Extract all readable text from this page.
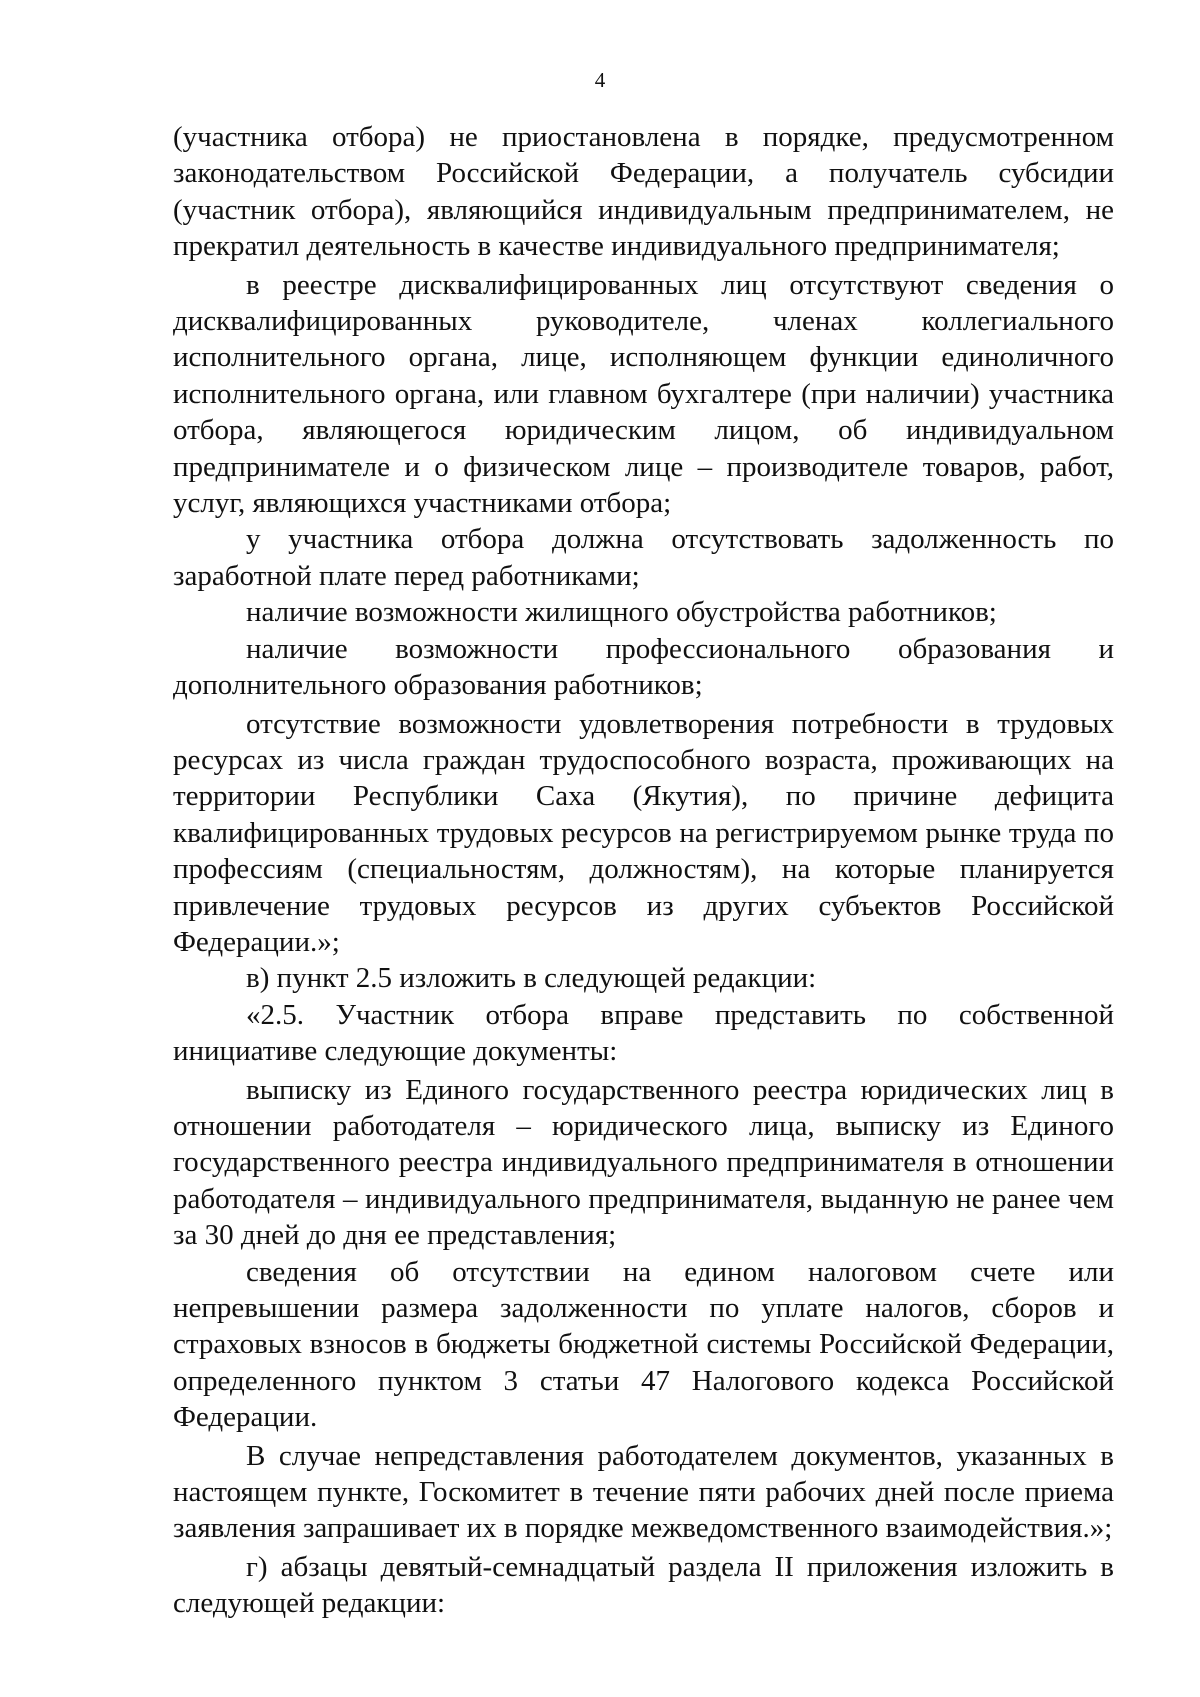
4

(участника отбора) не приостановлена в порядке, предусмотренном законодательством Российской Федерации, а получатель субсидии (участник отбора), являющийся индивидуальным предпринимателем, не прекратил деятельность в качестве индивидуального предпринимателя;

в реестре дисквалифицированных лиц отсутствуют сведения о дисквалифицированных руководителе, членах коллегиального исполнительного органа, лице, исполняющем функции единоличного исполнительного органа, или главном бухгалтере (при наличии) участника отбора, являющегося юридическим лицом, об индивидуальном предпринимателе и о физическом лице – производителе товаров, работ, услуг, являющихся участниками отбора;

у участника отбора должна отсутствовать задолженность по заработной плате перед работниками;

наличие возможности жилищного обустройства работников;

наличие возможности профессионального образования и дополнительного образования работников;

отсутствие возможности удовлетворения потребности в трудовых ресурсах из числа граждан трудоспособного возраста, проживающих на территории Республики Саха (Якутия), по причине дефицита квалифицированных трудовых ресурсов на регистрируемом рынке труда по профессиям (специальностям, должностям), на которые планируется привлечение трудовых ресурсов из других субъектов Российской Федерации.»;

в) пункт 2.5 изложить в следующей редакции:

«2.5. Участник отбора вправе представить по собственной инициативе следующие документы:

выписку из Единого государственного реестра юридических лиц в отношении работодателя – юридического лица, выписку из Единого государственного реестра индивидуального предпринимателя в отношении работодателя – индивидуального предпринимателя, выданную не ранее чем за 30 дней до дня ее представления;

сведения об отсутствии на едином налоговом счете или непревышении размера задолженности по уплате налогов, сборов и страховых взносов в бюджеты бюджетной системы Российской Федерации, определенного пунктом 3 статьи 47 Налогового кодекса Российской Федерации.

В случае непредставления работодателем документов, указанных в настоящем пункте, Госкомитет в течение пяти рабочих дней после приема заявления запрашивает их в порядке межведомственного взаимодействия.»;

г) абзацы девятый-семнадцатый раздела II приложения изложить в следующей редакции:
